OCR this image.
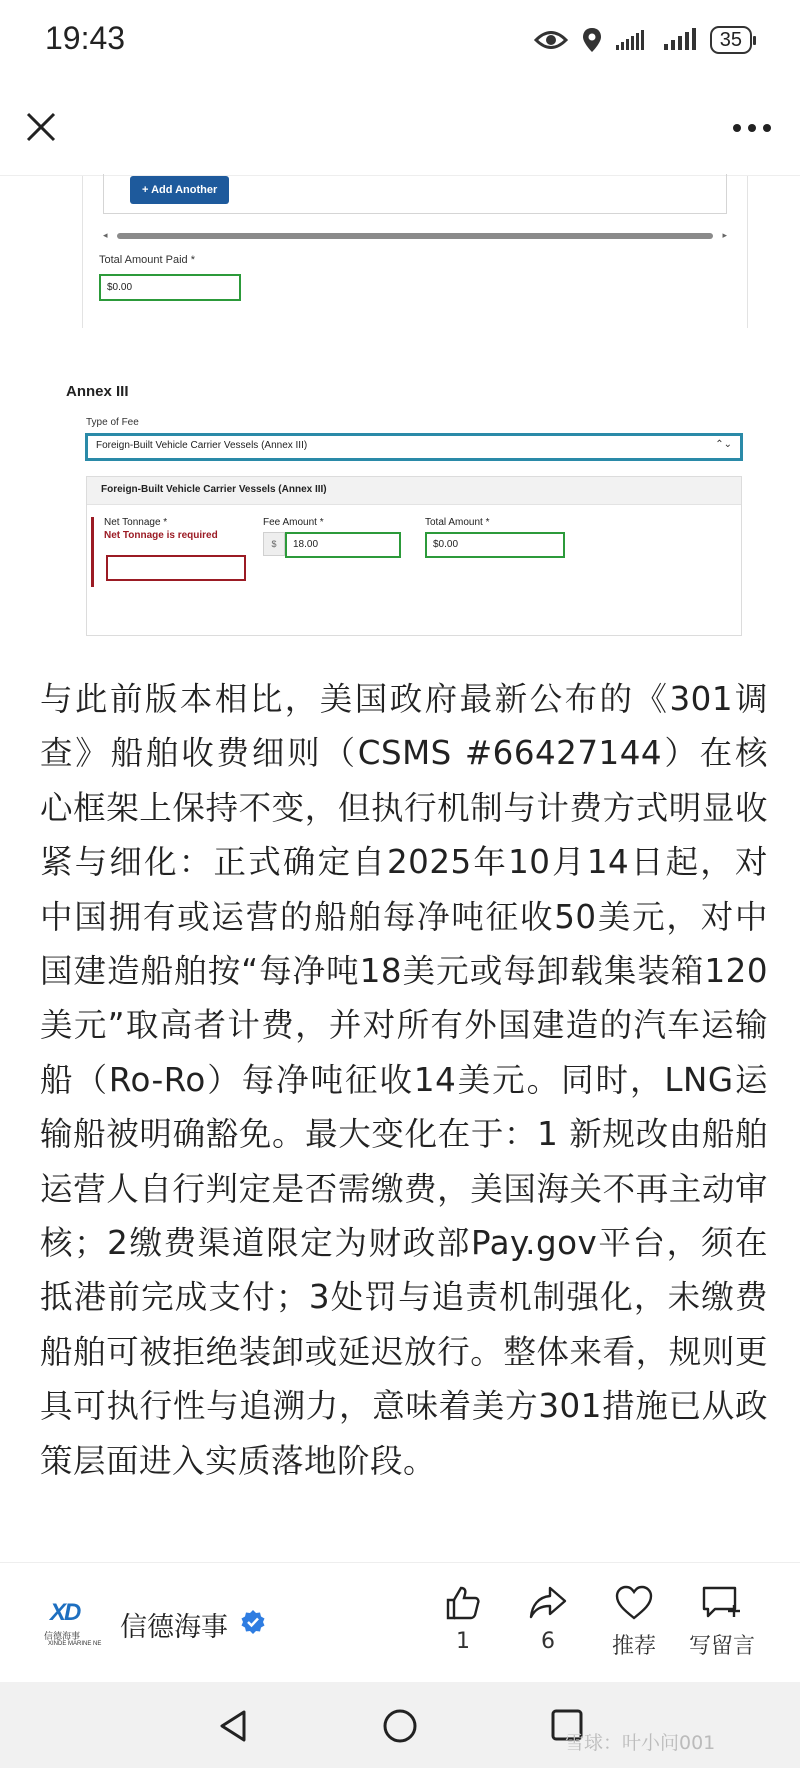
19:43	35
+ Add Another
◂	▸
Total Amount Paid *
$0.00
Annex III
Type of Fee
Foreign-Built Vehicle Carrier Vessels (Annex III)	⌃⌄
Foreign-Built Vehicle Carrier Vessels (Annex III)
Net Tonnage *
Net Tonnage is required
Fee Amount *
$	18.00
Total Amount *
$0.00
与此前版本相比，美国政府最新公布的《301调查》船舶收费细则（CSMS #66427144）在核心框架上保持不变，但执行机制与计费方式明显收紧与细化：正式确定自2025年10月14日起，对中国拥有或运营的船舶每净吨征收50美元，对中国建造船舶按“每净吨18美元或每卸载集装箱120美元”取高者计费，并对所有外国建造的汽车运输船（Ro-Ro）每净吨征收14美元。同时，LNG运输船被明确豁免。最大变化在于：1 新规改由船舶运营人自行判定是否需缴费，美国海关不再主动审核；2缴费渠道限定为财政部Pay.gov平台，须在抵港前完成支付；3处罚与追责机制强化，未缴费船舶可被拒绝装卸或延迟放行。整体来看，规则更具可执行性与追溯力，意味着美方301措施已从政策层面进入实质落地阶段。
XD
信德海事
XINDE MARINE NE
信德海事	1	6	推荐	写留言
雪球：叶小问001
